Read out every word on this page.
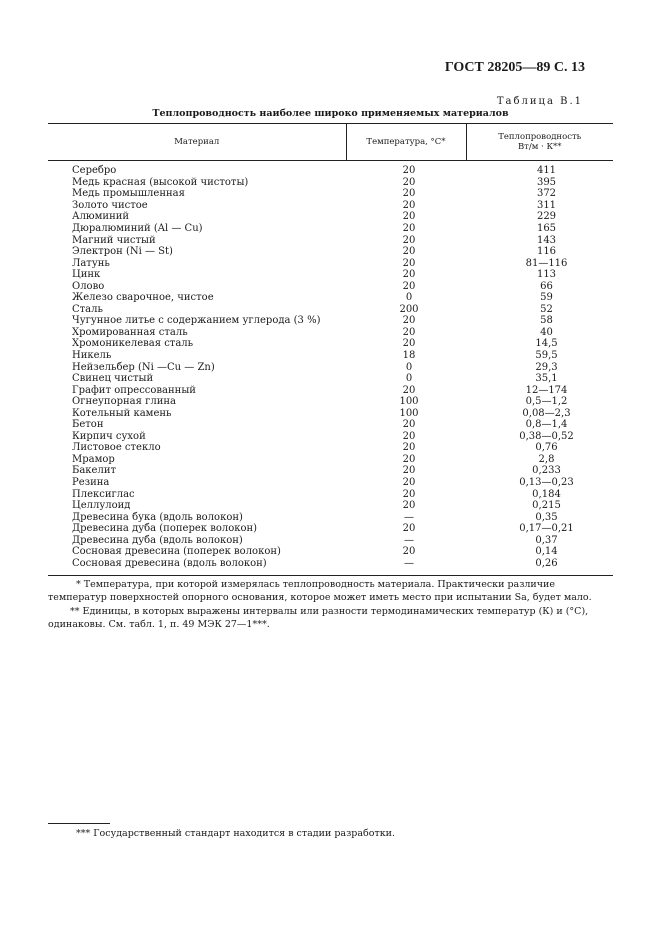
ГОСТ 28205—89 С. 13
Таблица В.1
Теплопроводность наиболее широко применяемых материалов
Материал	Температура, °С*	Теплопроводность
Вт/м · К**

Серебро	20	411
Медь красная (высокой чистоты)	20	395
Медь промышленная	20	372
Золото чистое	20	311
Алюминий	20	229
Дюралюминий (Al — Cu)	20	165
Магний чистый	20	143
Электрон (Ni — St)	20	116
Латунь	20	81—116
Цинк	20	113
Олово	20	66
Железо сварочное, чистое	0	59
Сталь	200	52
Чугунное литье с содержанием углерода (3 %)	20	58
Хромированная сталь	20	40
Хромоникелевая сталь	20	14,5
Никель	18	59,5
Нейзельбер (Ni —Cu — Zn)	0	29,3
Свинец чистый	0	35,1
Графит опрессованный	20	12—174
Огнеупорная глина	100	0,5—1,2
Котельный камень	100	0,08—2,3
Бетон	20	0,8—1,4
Кирпич сухой	20	0,38—0,52
Листовое стекло	20	0,76
Мрамор	20	2,8
Бакелит	20	0,233
Резина	20	0,13—0,23
Плексиглас	20	0,184
Целлулоид	20	0,215
Древесина бука (вдоль волокон)	—	0,35
Древесина дуба (поперек волокон)	20	0,17—0,21
Древесина дуба (вдоль волокон)	—	0,37
Сосновая древесина (поперек волокон)	20	0,14
Сосновая древесина (вдоль волокон)	—	0,26
* Температура, при которой измерялась теплопроводность материала. Практически различие температур поверхностей опорного основания, которое может иметь место при испытании Sa, будет мало.
** Единицы, в которых выражены интервалы или разности термодинамических температур (К) и (°С), одинаковы. См. табл. 1, п. 49 МЭК 27—1***.
*** Государственный стандарт находится в стадии разработки.
